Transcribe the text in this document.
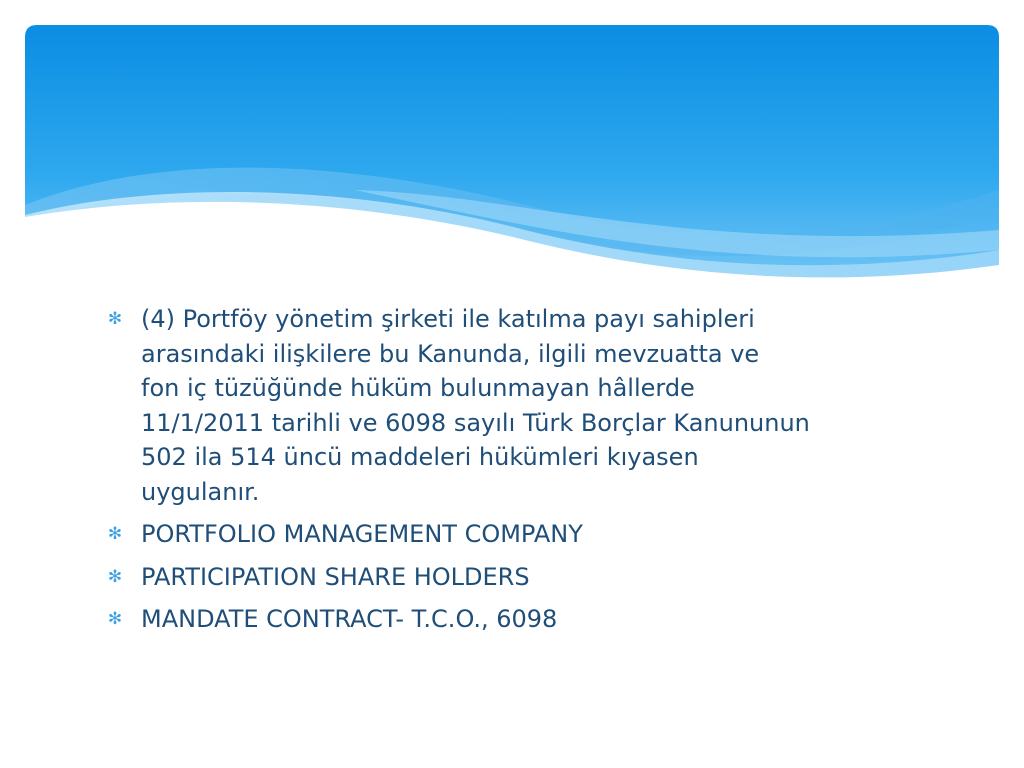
✻ (4) Portföy yönetim şirketi ile katılma payı sahipleri
arasındaki ilişkilere bu Kanunda, ilgili mevzuatta ve
fon iç tüzüğünde hüküm bulunmayan hâllerde
11/1/2011 tarihli ve 6098 sayılı Türk Borçlar Kanununun
502 ila 514 üncü maddeleri hükümleri kıyasen
uygulanır.
✻ PORTFOLIO MANAGEMENT COMPANY
✻ PARTICIPATION SHARE HOLDERS
✻ MANDATE CONTRACT- T.C.O., 6098
